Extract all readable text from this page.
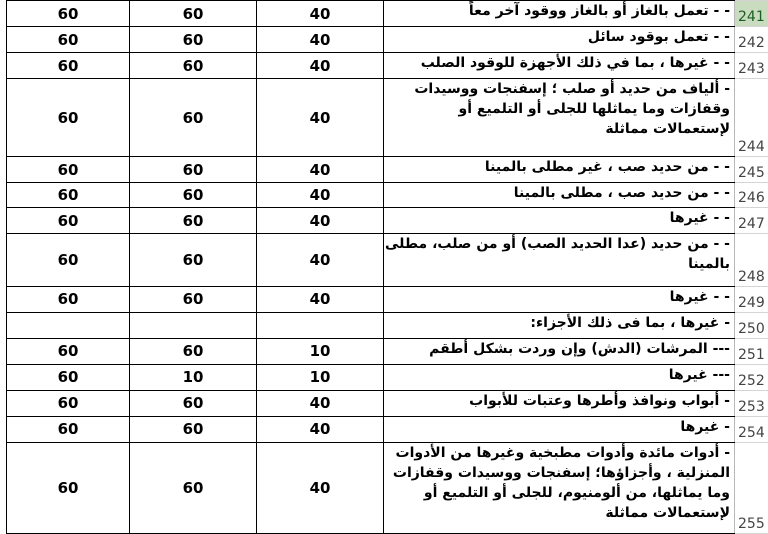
60	60	40	- - تعمل بالغاز أو بالغاز ووقود آخر معاً	241
60	60	40	- - تعمل بوقود سائل	242
60	60	40	- - غيرها ، بما في ذلك الأجهزة للوقود الصلب	243
60	60	40	- ألياف من حديد أو صلب ؛ إسفنجات ووسيدات وقفازات وما يماثلها للجلى أو التلميع أو لإستعمالات مماثلة	244
60	60	40	- - من حديد صب ، غير مطلى بالمينا	245
60	60	40	- - من حديد صب ، مطلى بالمينا	246
60	60	40	- - غيرها	247
60	60	40	- - من حديد (عدا الحديد الصب) أو من صلب، مطلى بالمينا	248
60	60	40	- - غيرها	249
			- غيرها ، بما فى ذلك الأجزاء:	250
60	60	10	--- المرشات (الدش) وإن وردت بشكل أطقم	251
60	10	10	--- غيرها	252
60	60	40	- أبواب ونوافذ وأطرها وعتبات للأبواب	253
60	60	40	- غيرها	254
60	60	40	- أدوات مائدة وأدوات مطبخية وغيرها من الأدوات المنزلية ، وأجزاؤها؛ إسفنجات ووسيدات وقفازات وما يماثلها، من ألومنيوم، للجلى أو التلميع أو لإستعمالات مماثلة	255
